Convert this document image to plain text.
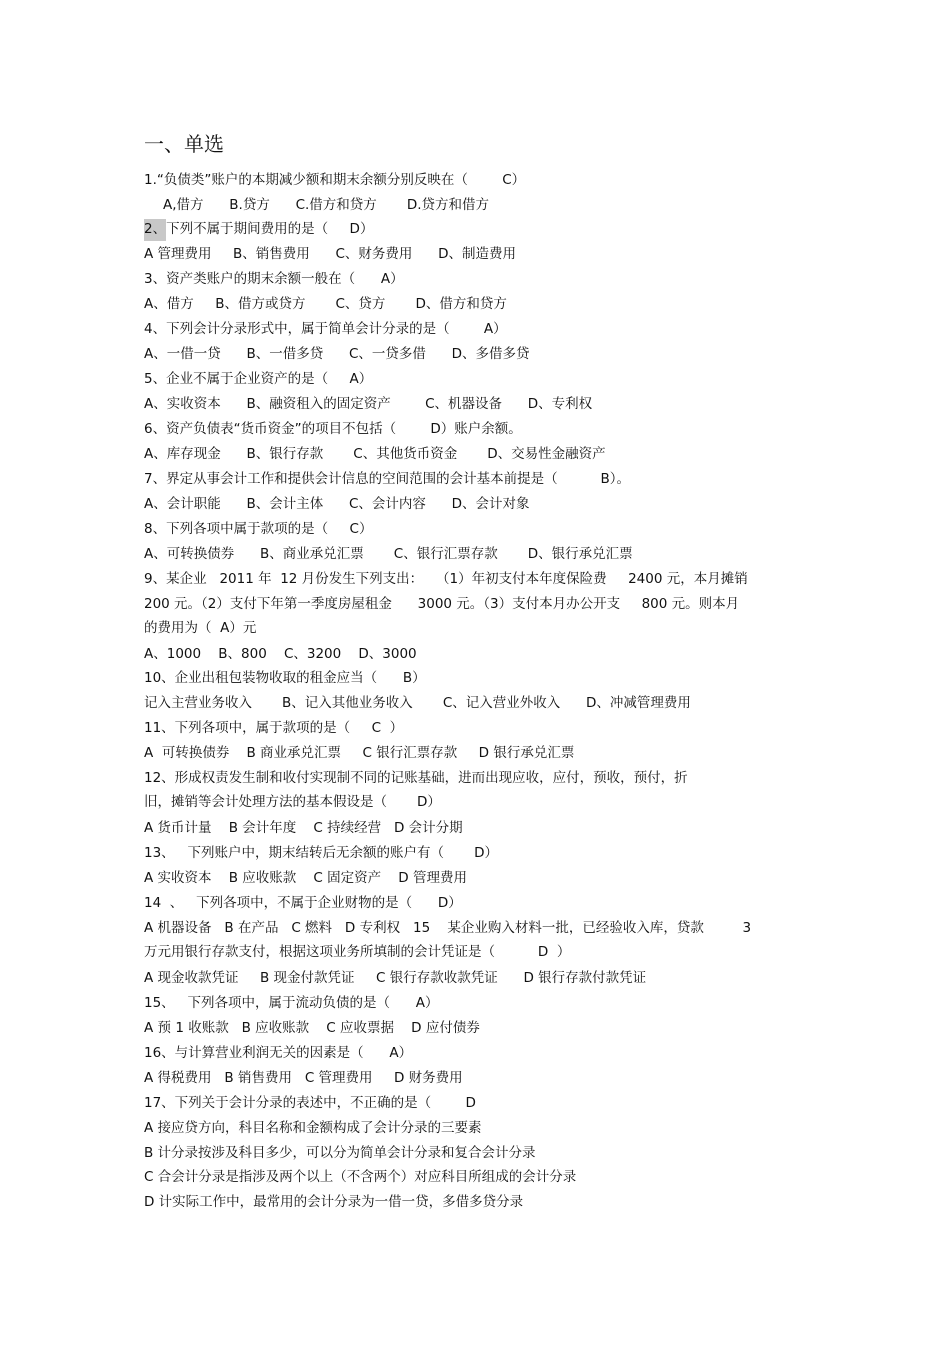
一、单选
1.“负债类”账户的本期减少额和期末余额分别反映在（        C）
A,借方      B.贷方      C.借方和贷方       D.贷方和借方
2、下列不属于期间费用的是（     D）
A 管理费用     B、销售费用      C、财务费用      D、制造费用
3、资产类账户的期末余额一般在（      A）
A、借方     B、借方或贷方       C、贷方       D、借方和贷方
4、下列会计分录形式中，属于简单会计分录的是（        A）
A、一借一贷      B、一借多贷      C、一贷多借      D、多借多贷
5、企业不属于企业资产的是（     A）
A、实收资本      B、融资租入的固定资产        C、机器设备      D、专利权
6、资产负债表“货币资金”的项目不包括（        D）账户余额。
A、库存现金      B、银行存款       C、其他货币资金       D、交易性金融资产
7、界定从事会计工作和提供会计信息的空间范围的会计基本前提是（          B）。
A、会计职能      B、会计主体      C、会计内容      D、会计对象
8、下列各项中属于款项的是（     C）
A、可转换债券      B、商业承兑汇票       C、银行汇票存款       D、银行承兑汇票
9、某企业   2011 年  12 月份发生下列支出：   （1）年初支付本年度保险费     2400 元，本月摊销
200 元。（2）支付下年第一季度房屋租金      3000 元。（3）支付本月办公开支     800 元。则本月
的费用为（  A）元
A、1000    B、800    C、3200    D、3000
10、企业出租包装物收取的租金应当（      B）
记入主营业务收入       B、记入其他业务收入       C、记入营业外收入      D、冲减管理费用
11、下列各项中，属于款项的是（     C  ）
A  可转换债券    B 商业承兑汇票     C 银行汇票存款     D 银行承兑汇票
12、形成权责发生制和收付实现制不同的记账基础，进而出现应收，应付，预收，预付，折
旧，摊销等会计处理方法的基本假设是（       D）
A 货币计量    B 会计年度    C 持续经营   D 会计分期
13、   下列账户中，期末结转后无余额的账户有（       D）
A 实收资本    B 应收账款    C 固定资产    D 管理费用
14  、   下列各项中，不属于企业财物的是（      D）
A 机器设备   B 在产品   C 燃料   D 专利权   15    某企业购入材料一批，已经验收入库，贷款         3
万元用银行存款支付，根据这项业务所填制的会计凭证是（          D  ）
A 现金收款凭证     B 现金付款凭证     C 银行存款收款凭证      D 银行存款付款凭证
15、   下列各项中，属于流动负债的是（      A）
A 预 1 收账款   B 应收账款    C 应收票据    D 应付债券
16、与计算营业利润无关的因素是（      A）
A 得税费用   B 销售费用   C 管理费用     D 财务费用
17、下列关于会计分录的表述中，不正确的是（        D
A 接应贷方向，科目名称和金额构成了会计分录的三要素
B 计分录按涉及科目多少，可以分为简单会计分录和复合会计分录
C 合会计分录是指涉及两个以上（不含两个）对应科目所组成的会计分录
D 计实际工作中，最常用的会计分录为一借一贷，多借多贷分录
